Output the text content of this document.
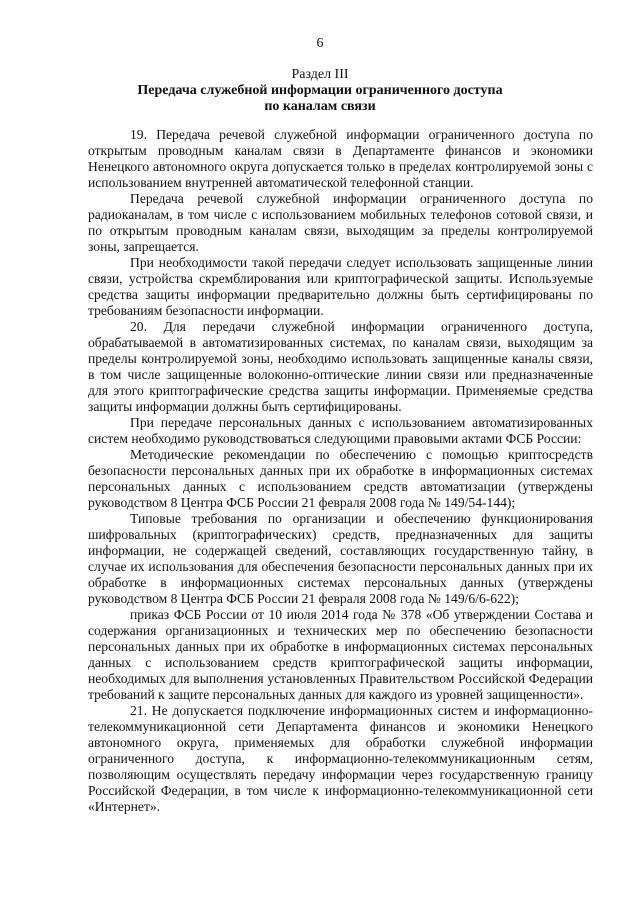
6
Раздел III
Передача служебной информации ограниченного доступа
по каналам связи

19. Передача речевой служебной информации ограниченного доступа по открытым проводным каналам связи в Департаменте финансов и экономики Ненецкого автономного округа допускается только в пределах контролируемой зоны с использованием внутренней автоматической телефонной станции.

Передача речевой служебной информации ограниченного доступа по радиоканалам, в том числе с использованием мобильных телефонов сотовой связи, и по открытым проводным каналам связи, выходящим за пределы контролируемой зоны, запрещается.

При необходимости такой передачи следует использовать защищенные линии связи, устройства скремблирования или криптографической защиты. Используемые средства защиты информации предварительно должны быть сертифицированы по требованиям безопасности информации.

20. Для передачи служебной информации ограниченного доступа, обрабатываемой в автоматизированных системах, по каналам связи, выходящим за пределы контролируемой зоны, необходимо использовать защищенные каналы связи, в том числе защищенные волоконно-оптические линии связи или предназначенные для этого криптографические средства защиты информации. Применяемые средства защиты информации должны быть сертифицированы.

При передаче персональных данных с использованием автоматизированных систем необходимо руководствоваться следующими правовыми актами ФСБ России:

Методические рекомендации по обеспечению с помощью криптосредств безопасности персональных данных при их обработке в информационных системах персональных данных с использованием средств автоматизации (утверждены руководством 8 Центра ФСБ России 21 февраля 2008 года № 149/54-144);

Типовые требования по организации и обеспечению функционирования шифровальных (криптографических) средств, предназначенных для защиты информации, не содержащей сведений, составляющих государственную тайну, в случае их использования для обеспечения безопасности персональных данных при их обработке в информационных системах персональных данных (утверждены руководством 8 Центра ФСБ России 21 февраля 2008 года № 149/6/6-622);

приказ ФСБ России от 10 июля 2014 года № 378 «Об утверждении Состава и содержания организационных и технических мер по обеспечению безопасности персональных данных при их обработке в информационных системах персональных данных с использованием средств криптографической защиты информации, необходимых для выполнения установленных Правительством Российской Федерации требований к защите персональных данных для каждого из уровней защищенности».

21. Не допускается подключение информационных систем и информационно-телекоммуникационной сети Департамента финансов и экономики Ненецкого автономного округа, применяемых для обработки служебной информации ограниченного доступа, к информационно-телекоммуникационным сетям, позволяющим осуществлять передачу информации через государственную границу Российской Федерации, в том числе к информационно-телекоммуникационной сети «Интернет».
